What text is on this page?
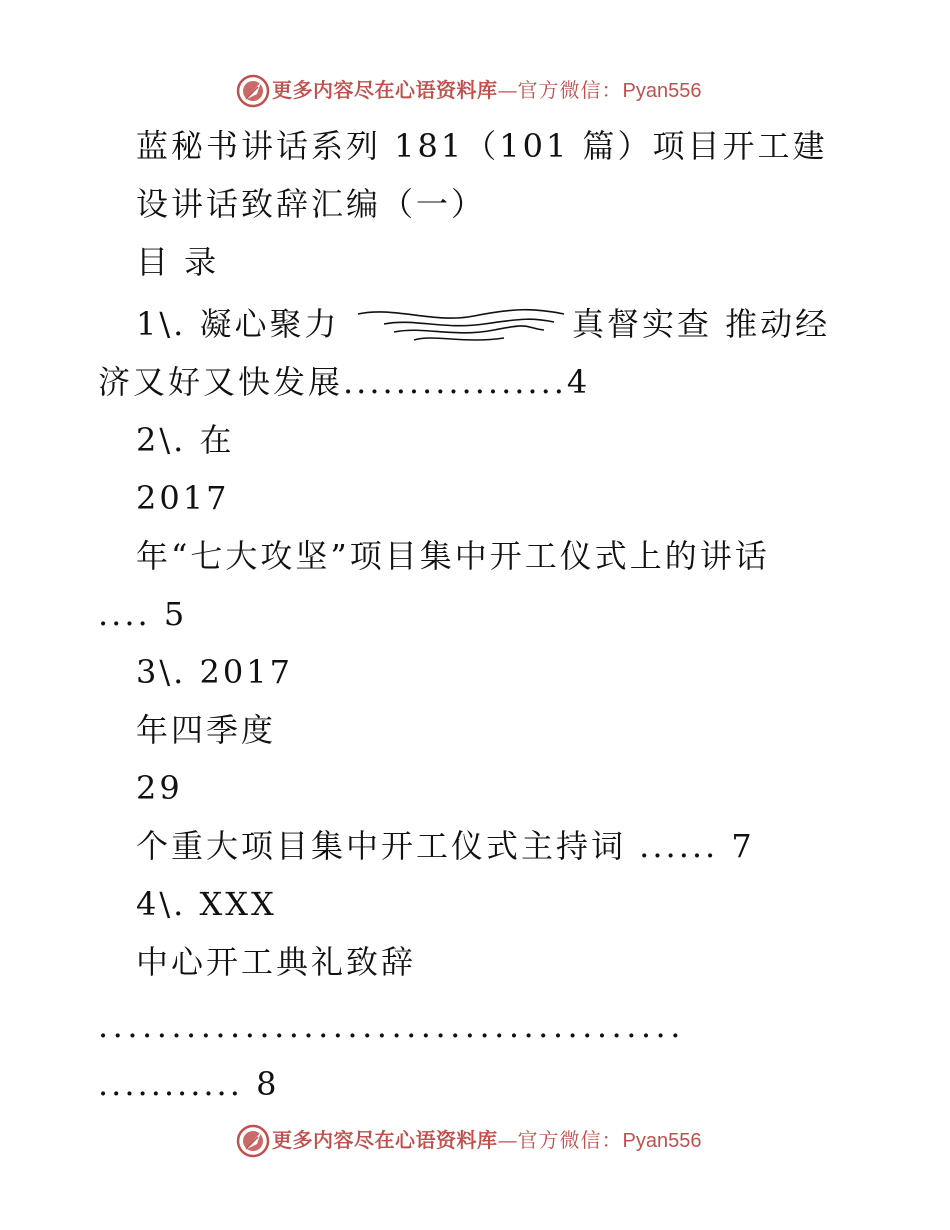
更多内容尽在心语资料库—官方微信：Pyan556
蓝秘书讲话系列 181（101 篇）项目开工建
设讲话致辞汇编（一）
目 录
1\. 凝心聚力	真督实查 推动经
济又好又快发展.................4
2\. 在
2017
年“七大攻坚”项目集中开工仪式上的讲话
.... 5
3\. 2017
年四季度
29
个重大项目集中开工仪式主持词 ...... 7
4\. XXX
中心开工典礼致辞
........................................
........... 8
更多内容尽在心语资料库—官方微信：Pyan556
